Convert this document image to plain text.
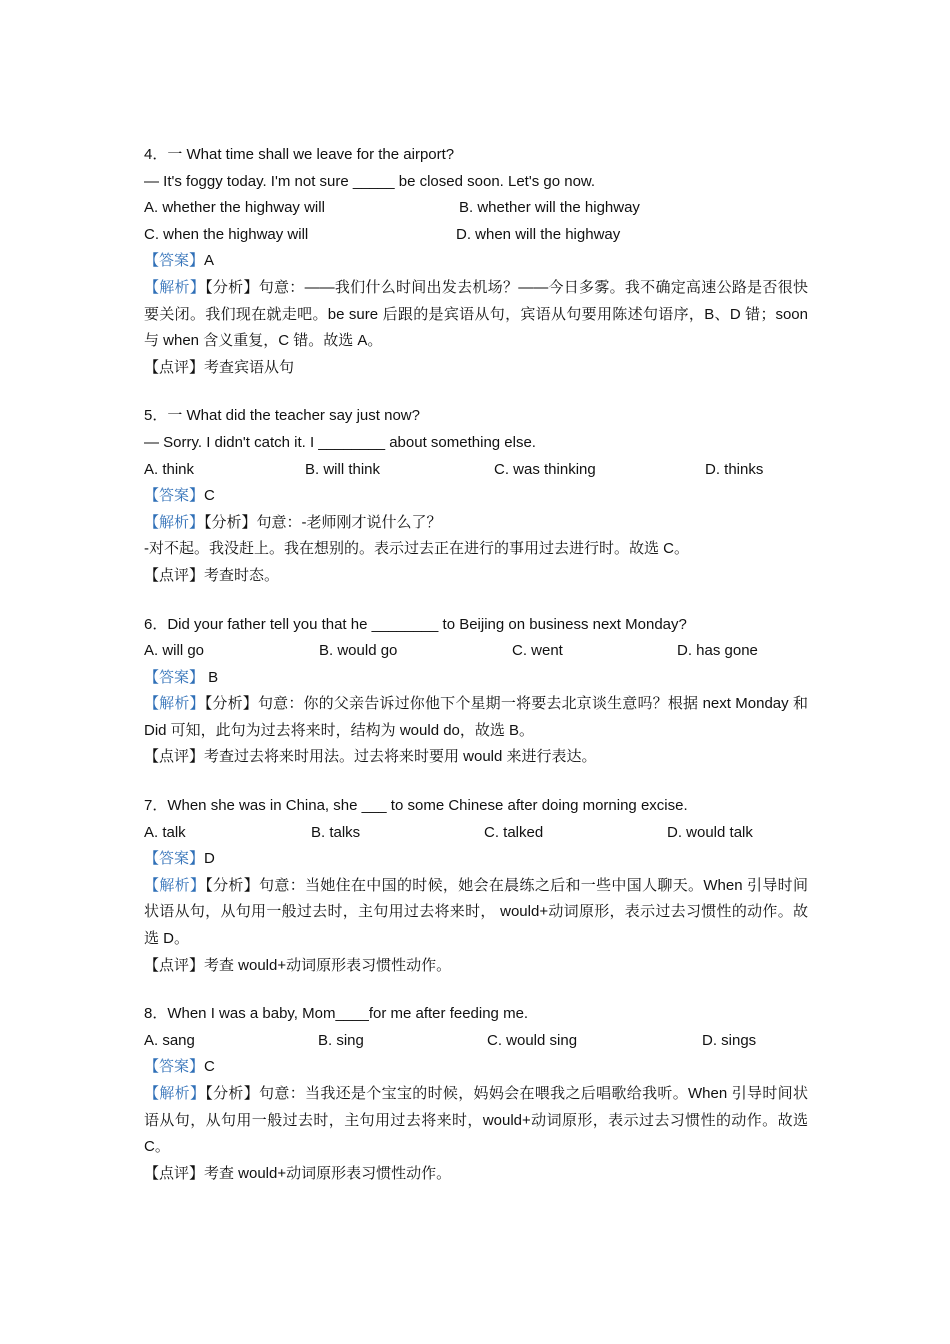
4．一 What time shall we leave for the airport?
— It's foggy today. I'm not sure _____ be closed soon. Let's go now.
A. whether the highway will	B. whether will the highway
C. when the highway will	D. when will the highway
【答案】A
【解析】【分析】句意：——我们什么时间出发去机场？——今日多雾。我不确定高速公路是否很快要关闭。我们现在就走吧。be sure 后跟的是宾语从句，宾语从句要用陈述句语序，B、D 错；soon 与 when 含义重复，C 错。故选 A。
【点评】考查宾语从句
5．一 What did the teacher say just now?
— Sorry. I didn't catch it. I ________ about something else.
A. think	B. will think	C. was thinking	D. thinks
【答案】C
【解析】【分析】句意：-老师刚才说什么了？
-对不起。我没赶上。我在想别的。表示过去正在进行的事用过去进行时。故选 C。
【点评】考查时态。
6．Did your father tell you that he ________ to Beijing on business next Monday?
A. will go	B. would go	C. went	D. has gone
【答案】 B
【解析】【分析】句意：你的父亲告诉过你他下个星期一将要去北京谈生意吗？根据 next Monday 和 Did 可知，此句为过去将来时，结构为 would do，故选 B。
【点评】考查过去将来时用法。过去将来时要用 would 来进行表达。
7．When she was in China, she ___ to some Chinese after doing morning excise.
A. talk	B. talks	C. talked	D. would talk
【答案】D
【解析】【分析】句意：当她住在中国的时候，她会在晨练之后和一些中国人聊天。When 引导时间状语从句，从句用一般过去时，主句用过去将来时， would+动词原形，表示过去习惯性的动作。故选 D。
【点评】考查 would+动词原形表习惯性动作。
8．When I was a baby, Mom____for me after feeding me.
A. sang	B. sing	C. would sing	D. sings
【答案】C
【解析】【分析】句意：当我还是个宝宝的时候，妈妈会在喂我之后唱歌给我听。When 引导时间状语从句，从句用一般过去时，主句用过去将来时，would+动词原形，表示过去习惯性的动作。故选 C。
【点评】考查 would+动词原形表习惯性动作。
